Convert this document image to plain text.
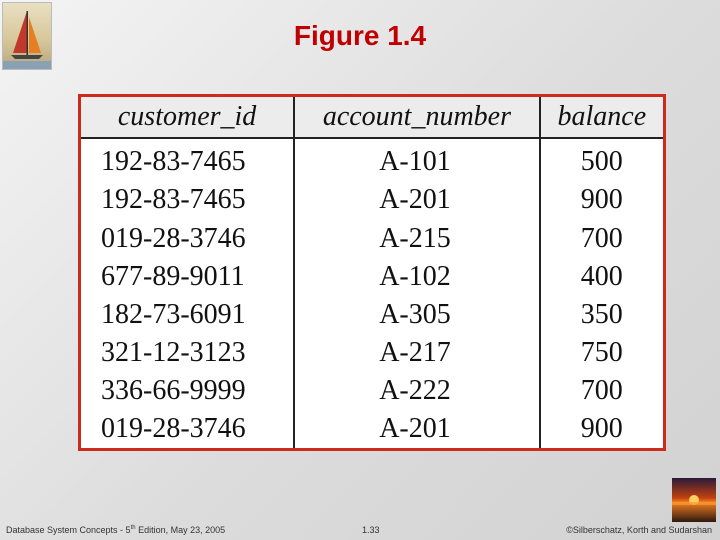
Figure 1.4
customer_id	account_number	balance
192-83-7465	A-101	500
192-83-7465	A-201	900
019-28-3746	A-215	700
677-89-9011	A-102	400
182-73-6091	A-305	350
321-12-3123	A-217	750
336-66-9999	A-222	700
019-28-3746	A-201	900
Database System Concepts - 5th Edition, May 23, 2005	1.33	©Silberschatz, Korth and Sudarshan
